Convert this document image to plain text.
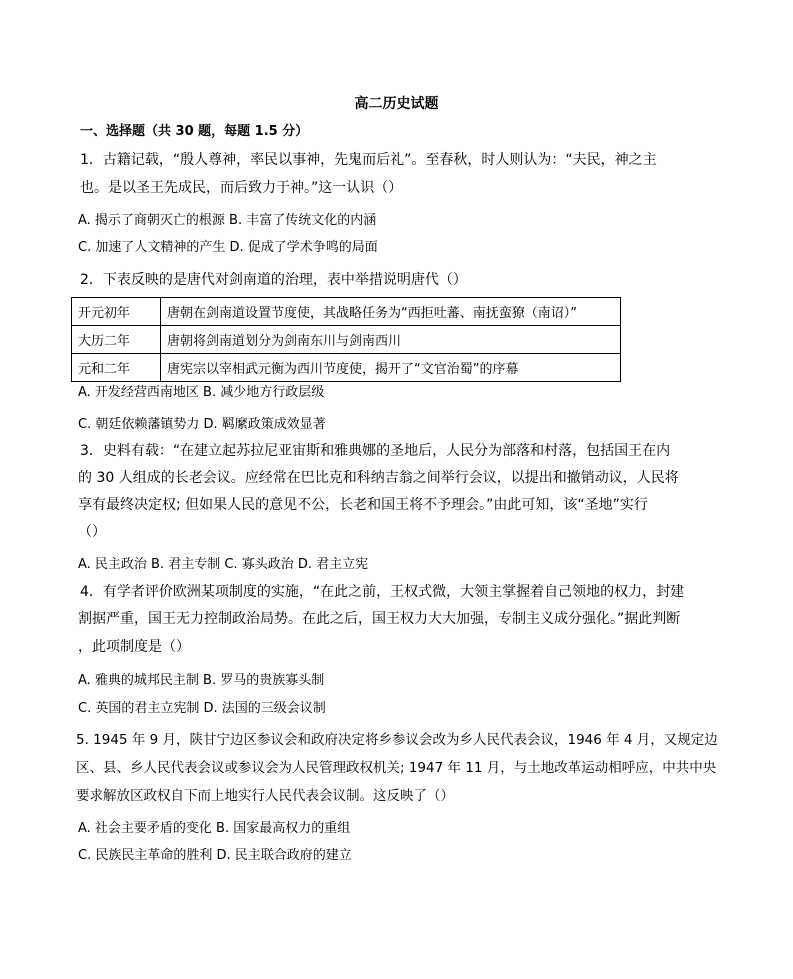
高二历史试题
一、选择题（共 30 题，每题 1.5 分）
1．古籍记载，“殷人尊神，率民以事神，先鬼而后礼”。至春秋，时人则认为：“夫民，神之主
也。是以圣王先成民，而后致力于神。”这一认识（）
A. 揭示了商朝灭亡的根源 B. 丰富了传统文化的内涵
C. 加速了人文精神的产生 D. 促成了学术争鸣的局面
2．下表反映的是唐代对剑南道的治理，表中举措说明唐代（）
开元初年	唐朝在剑南道设置节度使，其战略任务为“西拒吐蕃、南抚蛮獠（南诏）”
大历二年	唐朝将剑南道划分为剑南东川与剑南西川
元和二年	唐宪宗以宰相武元衡为西川节度使，揭开了“文官治蜀”的序幕
A. 开发经营西南地区 B. 减少地方行政层级
C. 朝廷依赖藩镇势力 D. 羁縻政策成效显著
3．史料有载：“在建立起苏拉尼亚宙斯和雅典娜的圣地后，人民分为部落和村落，包括国王在内
的 30 人组成的长老会议。应经常在巴比克和科纳吉翁之间举行会议，以提出和撤销动议，人民将
享有最终决定权; 但如果人民的意见不公，长老和国王将不予理会。”由此可知，该“圣地”实行
（）
A. 民主政治 B. 君主专制 C. 寡头政治 D. 君主立宪
4．有学者评价欧洲某项制度的实施，“在此之前，王权式微，大领主掌握着自己领地的权力，封建
割据严重，国王无力控制政治局势。在此之后，国王权力大大加强，专制主义成分强化。”据此判断
，此项制度是（）
A. 雅典的城邦民主制 B. 罗马的贵族寡头制
C. 英国的君主立宪制 D. 法国的三级会议制
5. 1945 年 9 月，陕甘宁边区参议会和政府决定将乡参议会改为乡人民代表会议，1946 年 4 月，又规定边
区、县、乡人民代表会议或参议会为人民管理政权机关; 1947 年 11 月，与土地改革运动相呼应，中共中央
要求解放区政权自下而上地实行人民代表会议制。这反映了（）
A. 社会主要矛盾的变化 B. 国家最高权力的重组
C. 民族民主革命的胜利 D. 民主联合政府的建立
